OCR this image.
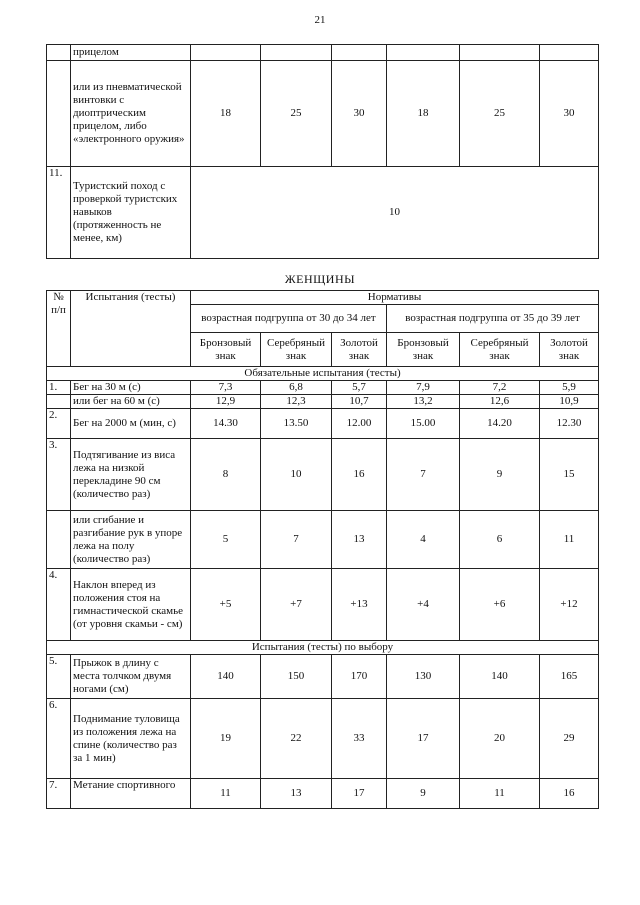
21
	прицелом						
	или из пневматической винтовки с диоптрическим прицелом, либо «электронного оружия»	18	25	30	18	25	30
11.	Туристский поход с проверкой туристских навыков (протяженность не менее, км)	10					
ЖЕНЩИНЫ
№ п/п	Испытания (тесты)	Нормативы					
		возрастная подгруппа от 30 до 34 лет			возрастная подгруппа от 35 до 39 лет		
		Бронзовый знак	Серебряный знак	Золотой знак	Бронзовый знак	Серебряный знак	Золотой знак
Обязательные испытания (тесты)							
1.	Бег на 30 м (с)	7,3	6,8	5,7	7,9	7,2	5,9
	или бег на 60 м (с)	12,9	12,3	10,7	13,2	12,6	10,9
2.	Бег на 2000 м (мин, с)	14.30	13.50	12.00	15.00	14.20	12.30
3.	Подтягивание из виса лежа на низкой перекладине 90 см (количество раз)	8	10	16	7	9	15
	или сгибание и разгибание рук в упоре лежа на полу (количество раз)	5	7	13	4	6	11
4.	Наклон вперед из положения стоя на гимнастической скамье (от уровня скамьи - см)	+5	+7	+13	+4	+6	+12
Испытания (тесты) по выбору							
5.	Прыжок в длину с места толчком двумя ногами (см)	140	150	170	130	140	165
6.	Поднимание туловища из положения лежа на спине (количество раз за 1 мин)	19	22	33	17	20	29
7.	Метание спортивного	11	13	17	9	11	16
